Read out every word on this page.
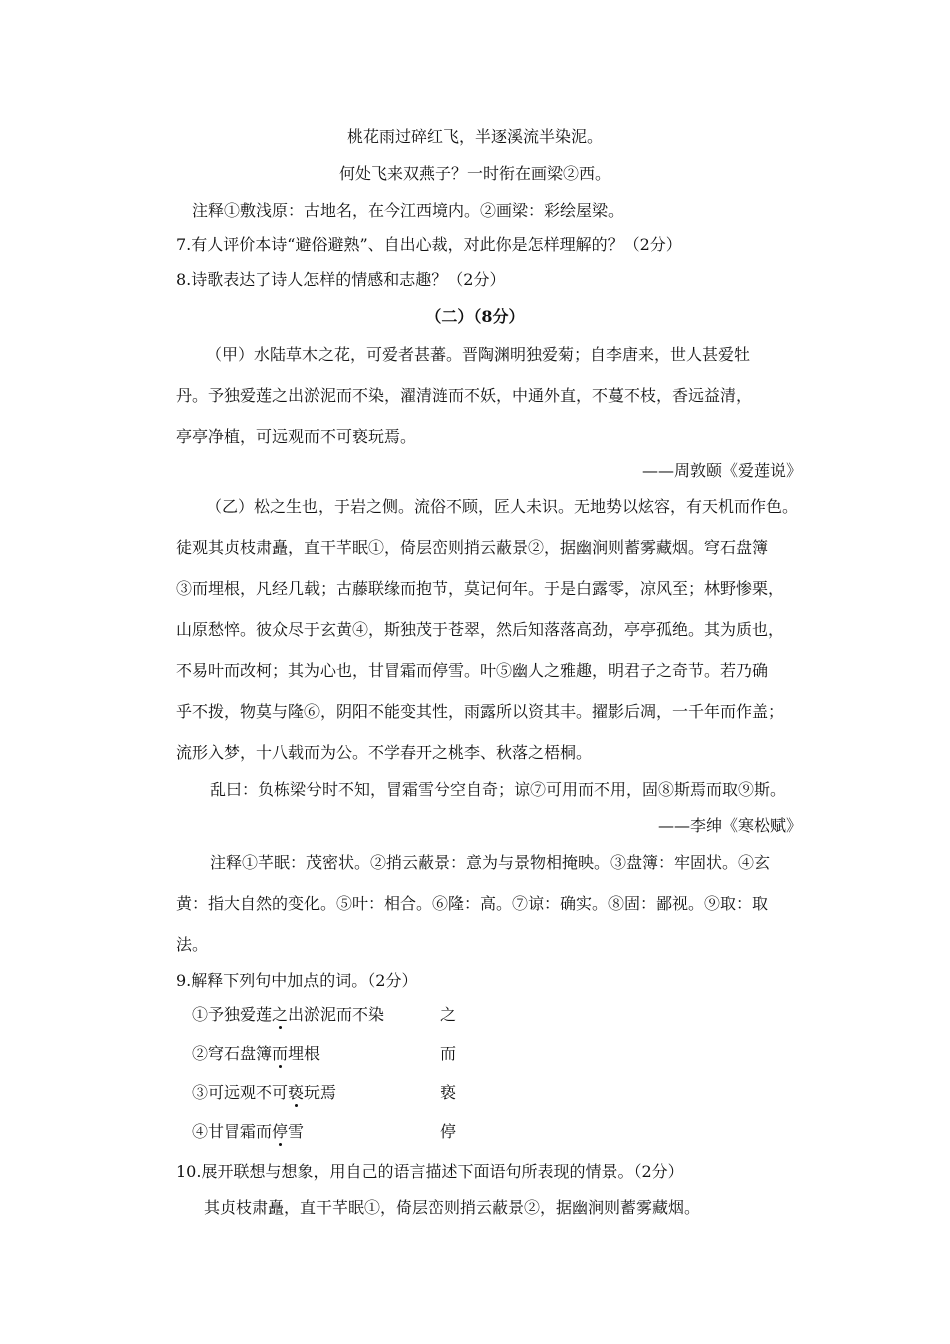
桃花雨过碎红飞，半逐溪流半染泥。
何处飞来双燕子？一时衔在画梁②西。
注释①敷浅原：古地名，在今江西境内。②画梁：彩绘屋梁。
7.有人评价本诗“避俗避熟”、自出心裁，对此你是怎样理解的？（2分）
8.诗歌表达了诗人怎样的情感和志趣？（2分）
（二）（8分）
（甲）水陆草木之花，可爱者甚蕃。晋陶渊明独爱菊；自李唐来，世人甚爱牡
丹。予独爱莲之出淤泥而不染，濯清涟而不妖，中通外直，不蔓不枝，香远益清，
亭亭净植，可远观而不可亵玩焉。
——周敦颐《爱莲说》
（乙）松之生也，于岩之侧。流俗不顾，匠人未识。无地势以炫容，有天机而作色。
徒观其贞枝肃矗，直干芊眠①，倚层峦则捎云蔽景②，据幽涧则蓄雾藏烟。穹石盘簿
③而埋根，凡经几载；古藤联缘而抱节，莫记何年。于是白露零，凉风至；林野惨栗，
山原愁悴。彼众尽于玄黄④，斯独茂于苍翠，然后知落落高劲，亭亭孤绝。其为质也，
不易叶而改柯；其为心也，甘冒霜而停雪。叶⑤幽人之雅趣，明君子之奇节。若乃确
乎不拨，物莫与隆⑥，阴阳不能变其性，雨露所以资其丰。擢影后凋，一千年而作盖；
流形入梦，十八载而为公。不学春开之桃李、秋落之梧桐。
乱曰：负栋梁兮时不知，冒霜雪兮空自奇；谅⑦可用而不用，固⑧斯焉而取⑨斯。
——李绅《寒松赋》
注释①芊眠：茂密状。②捎云蔽景：意为与景物相掩映。③盘簿：牢固状。④玄
黄：指大自然的变化。⑤叶：相合。⑥隆：高。⑦谅：确实。⑧固：鄙视。⑨取：取
法。
9.解释下列句中加点的词。（2分）
①予独爱莲之出淤泥而不染	之
②穹石盘簿而埋根	而
③可远观不可亵玩焉	亵
④甘冒霜而停雪	停
10.展开联想与想象，用自己的语言描述下面语句所表现的情景。（2分）
其贞枝肃矗，直干芊眠①，倚层峦则捎云蔽景②，据幽涧则蓄雾藏烟。
